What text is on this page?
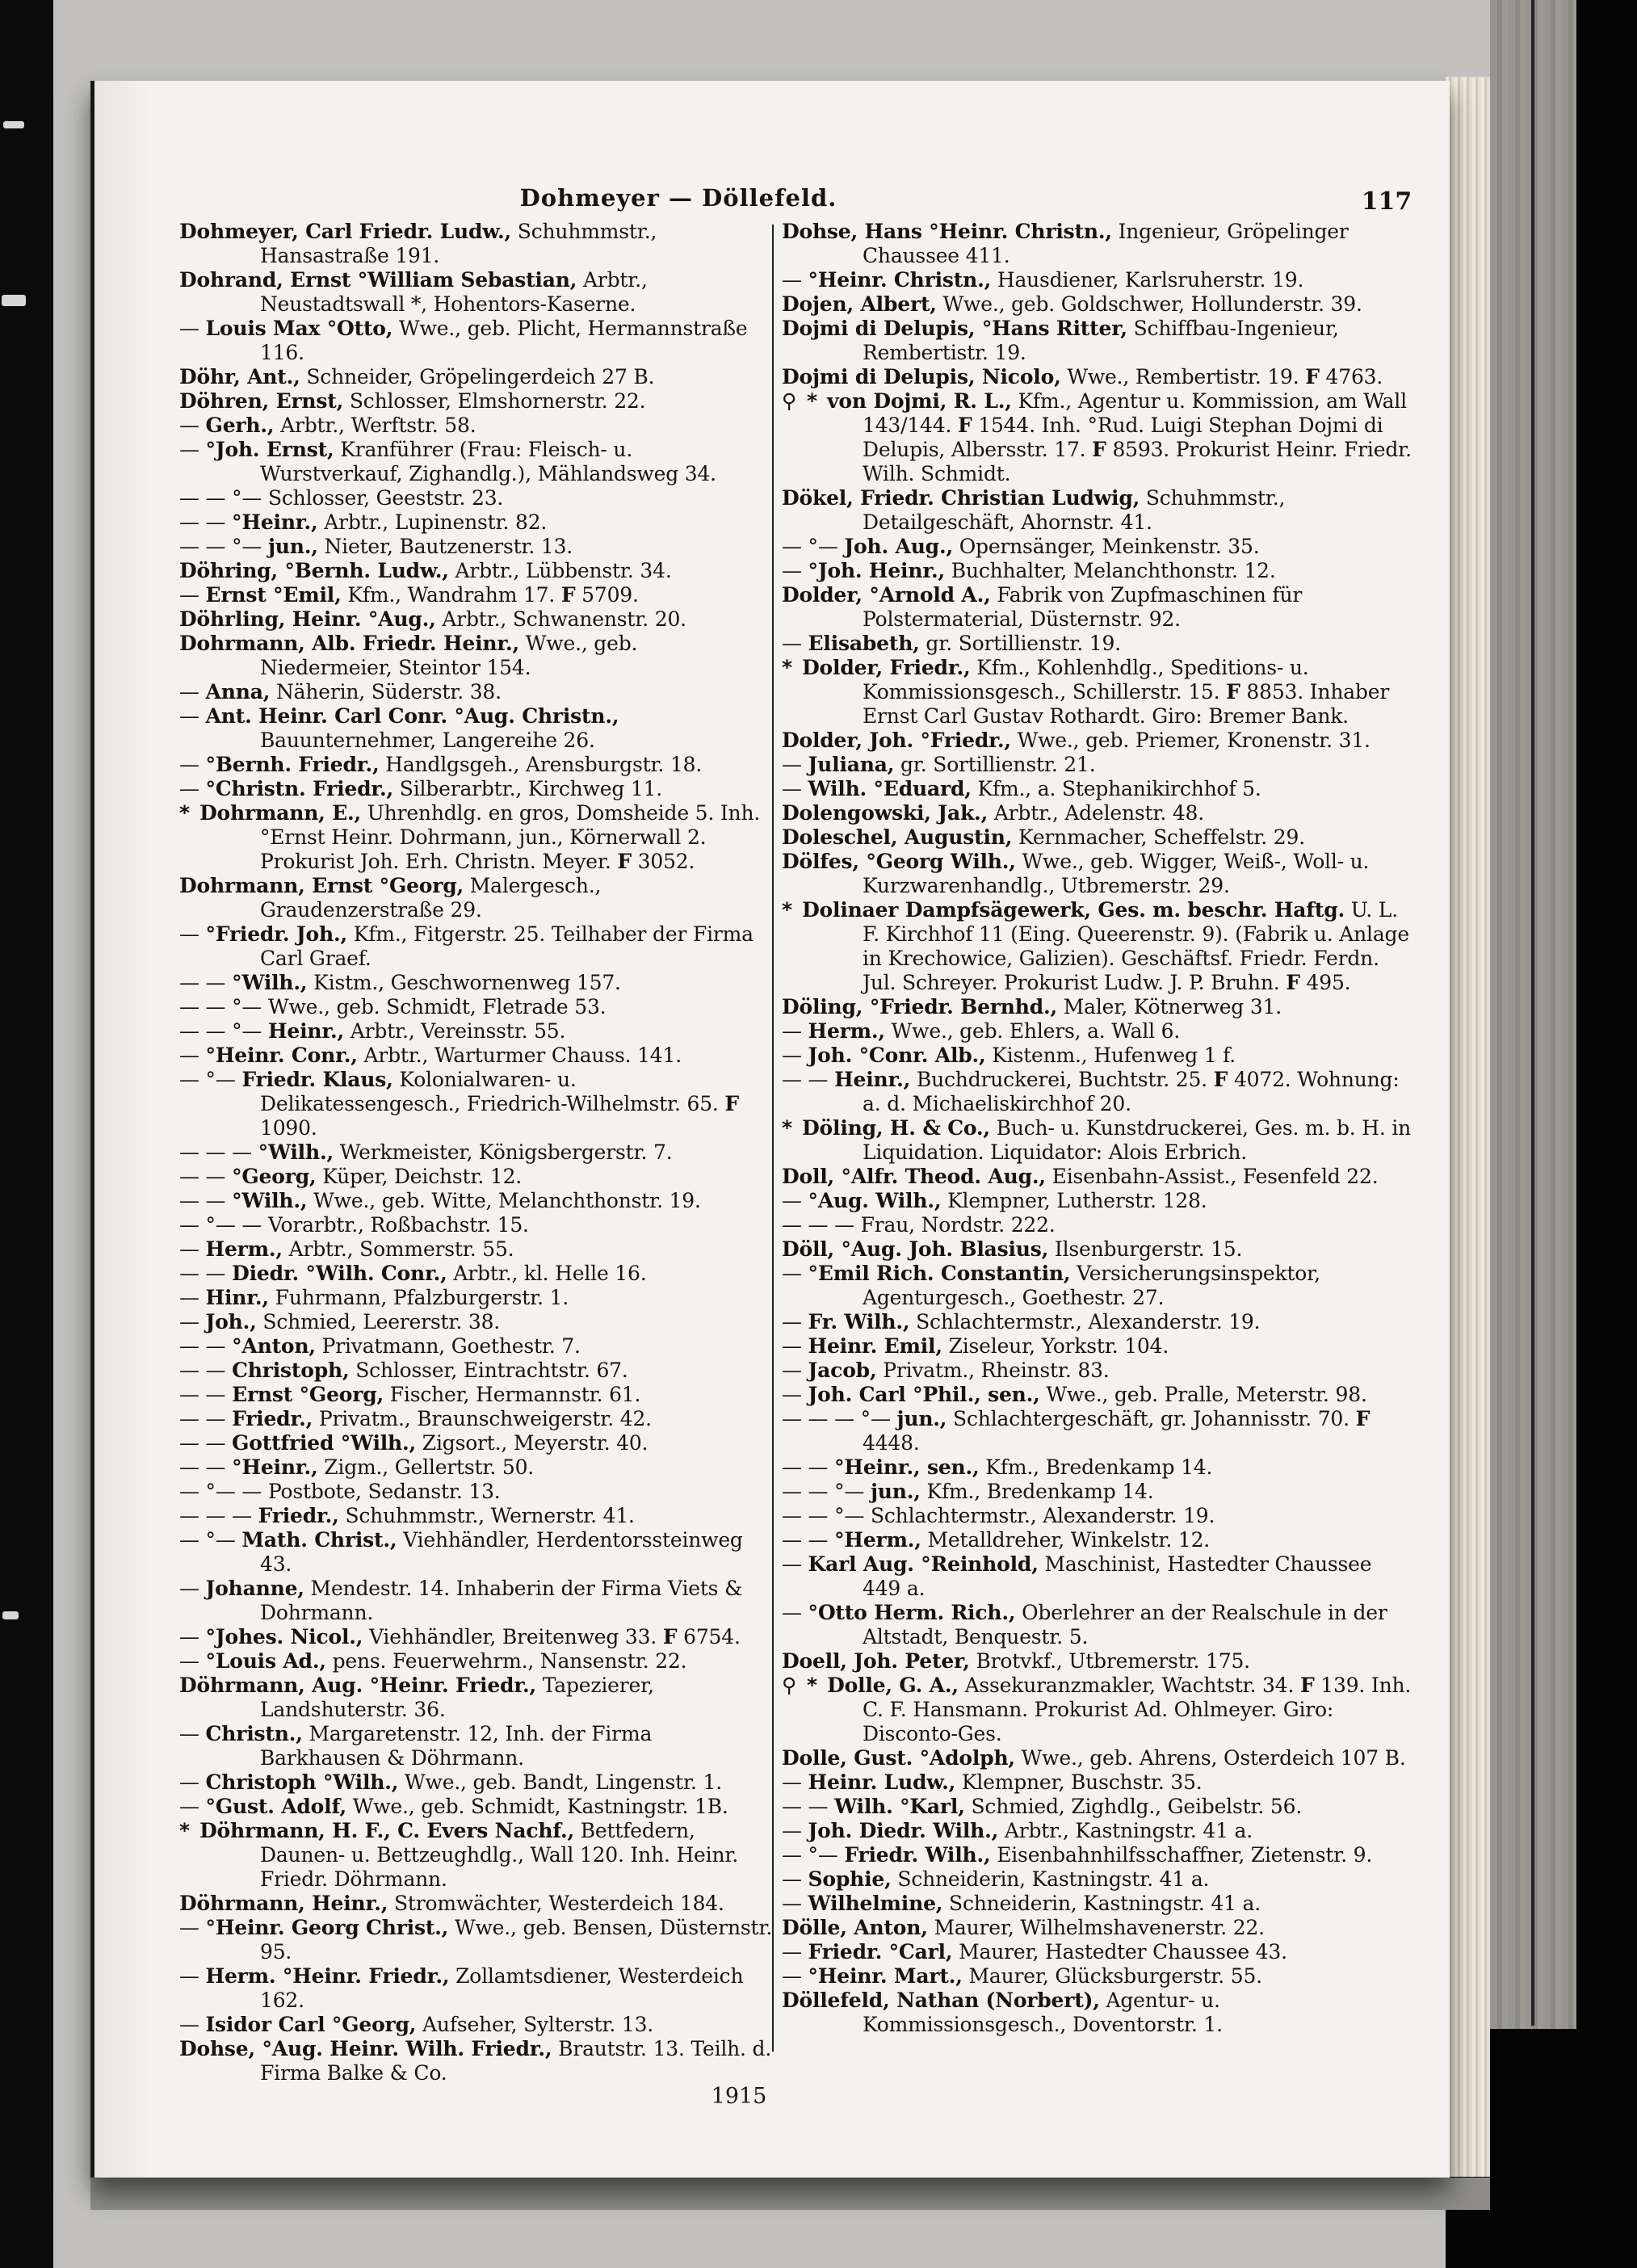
Dohmeyer — Döllefeld.	117

Dohmeyer, Carl Friedr. Ludw., Schuhmmstr., Hansastraße 191.

Dohrand, Ernst °William Sebastian, Arbtr., Neustadtswall *, Hohentors-Kaserne.

— Louis Max °Otto, Wwe., geb. Plicht, Hermannstraße 116.

Döhr, Ant., Schneider, Gröpelingerdeich 27 B.

Döhren, Ernst, Schlosser, Elmshornerstr. 22.

— Gerh., Arbtr., Werftstr. 58.

— °Joh. Ernst, Kranführer (Frau: Fleisch- u. Wurstverkauf, Zighandlg.), Mählandsweg 34.

— — °— Schlosser, Geeststr. 23.

— — °Heinr., Arbtr., Lupinenstr. 82.

— — °— jun., Nieter, Bautzenerstr. 13.

Döhring, °Bernh. Ludw., Arbtr., Lübbenstr. 34.

— Ernst °Emil, Kfm., Wandrahm 17. F 5709.

Döhrling, Heinr. °Aug., Arbtr., Schwanenstr. 20.

Dohrmann, Alb. Friedr. Heinr., Wwe., geb. Niedermeier, Steintor 154.

— Anna, Näherin, Süderstr. 38.

— Ant. Heinr. Carl Conr. °Aug. Christn., Bauunternehmer, Langereihe 26.

— °Bernh. Friedr., Handlgsgeh., Arensburgstr. 18.

— °Christn. Friedr., Silberarbtr., Kirchweg 11.

* Dohrmann, E., Uhrenhdlg. en gros, Domsheide 5. Inh. °Ernst Heinr. Dohrmann, jun., Körnerwall 2. Prokurist Joh. Erh. Christn. Meyer. F 3052.

Dohrmann, Ernst °Georg, Malergesch., Graudenzerstraße 29.

— °Friedr. Joh., Kfm., Fitgerstr. 25. Teilhaber der Firma Carl Graef.

— — °Wilh., Kistm., Geschwornenweg 157.

— — °— Wwe., geb. Schmidt, Fletrade 53.

— — °— Heinr., Arbtr., Vereinsstr. 55.

— °Heinr. Conr., Arbtr., Warturmer Chauss. 141.

— °— Friedr. Klaus, Kolonialwaren- u. Delikatessengesch., Friedrich-Wilhelmstr. 65. F 1090.

— — — °Wilh., Werkmeister, Königsbergerstr. 7.

— — °Georg, Küper, Deichstr. 12.

— — °Wilh., Wwe., geb. Witte, Melanchthonstr. 19.

— °— — Vorarbtr., Roßbachstr. 15.

— Herm., Arbtr., Sommerstr. 55.

— — Diedr. °Wilh. Conr., Arbtr., kl. Helle 16.

— Hinr., Fuhrmann, Pfalzburgerstr. 1.

— Joh., Schmied, Leererstr. 38.

— — °Anton, Privatmann, Goethestr. 7.

— — Christoph, Schlosser, Eintrachtstr. 67.

— — Ernst °Georg, Fischer, Hermannstr. 61.

— — Friedr., Privatm., Braunschweigerstr. 42.

— — Gottfried °Wilh., Zigsort., Meyerstr. 40.

— — °Heinr., Zigm., Gellertstr. 50.

— °— — Postbote, Sedanstr. 13.

— — — Friedr., Schuhmmstr., Wernerstr. 41.

— °— Math. Christ., Viehhändler, Herdentorssteinweg 43.

— Johanne, Mendestr. 14. Inhaberin der Firma Viets & Dohrmann.

— °Johes. Nicol., Viehhändler, Breitenweg 33. F 6754.

— °Louis Ad., pens. Feuerwehrm., Nansenstr. 22.

Döhrmann, Aug. °Heinr. Friedr., Tapezierer, Landshuterstr. 36.

— Christn., Margaretenstr. 12, Inh. der Firma Barkhausen & Döhrmann.

— Christoph °Wilh., Wwe., geb. Bandt, Lingenstr. 1.

— °Gust. Adolf, Wwe., geb. Schmidt, Kastningstr. 1B.

* Döhrmann, H. F., C. Evers Nachf., Bettfedern, Daunen- u. Bettzeughdlg., Wall 120. Inh. Heinr. Friedr. Döhrmann.

Döhrmann, Heinr., Stromwächter, Westerdeich 184.

— °Heinr. Georg Christ., Wwe., geb. Bensen, Düsternstr. 95.

— Herm. °Heinr. Friedr., Zollamtsdiener, Westerdeich 162.

— Isidor Carl °Georg, Aufseher, Sylterstr. 13.

Dohse, °Aug. Heinr. Wilh. Friedr., Brautstr. 13. Teilh. d. Firma Balke & Co.

Dohse, Hans °Heinr. Christn., Ingenieur, Gröpelinger Chaussee 411.

— °Heinr. Christn., Hausdiener, Karlsruherstr. 19.

Dojen, Albert, Wwe., geb. Goldschwer, Hollunderstr. 39.

Dojmi di Delupis, °Hans Ritter, Schiffbau-Ingenieur, Rembertistr. 19.

Dojmi di Delupis, Nicolo, Wwe., Rembertistr. 19. F 4763.

⚲ * von Dojmi, R. L., Kfm., Agentur u. Kommission, am Wall 143/144. F 1544. Inh. °Rud. Luigi Stephan Dojmi di Delupis, Albersstr. 17. F 8593. Prokurist Heinr. Friedr. Wilh. Schmidt.

Dökel, Friedr. Christian Ludwig, Schuhmmstr., Detailgeschäft, Ahornstr. 41.

— °— Joh. Aug., Opernsänger, Meinkenstr. 35.

— °Joh. Heinr., Buchhalter, Melanchthonstr. 12.

Dolder, °Arnold A., Fabrik von Zupfmaschinen für Polstermaterial, Düsternstr. 92.

— Elisabeth, gr. Sortillienstr. 19.

* Dolder, Friedr., Kfm., Kohlenhdlg., Speditions- u. Kommissionsgesch., Schillerstr. 15. F 8853. Inhaber Ernst Carl Gustav Rothardt. Giro: Bremer Bank.

Dolder, Joh. °Friedr., Wwe., geb. Priemer, Kronenstr. 31.

— Juliana, gr. Sortillienstr. 21.

— Wilh. °Eduard, Kfm., a. Stephanikirchhof 5.

Dolengowski, Jak., Arbtr., Adelenstr. 48.

Doleschel, Augustin, Kernmacher, Scheffelstr. 29.

Dölfes, °Georg Wilh., Wwe., geb. Wigger, Weiß-, Woll- u. Kurzwarenhandlg., Utbremerstr. 29.

* Dolinaer Dampfsägewerk, Ges. m. beschr. Haftg. U. L. F. Kirchhof 11 (Eing. Queerenstr. 9). (Fabrik u. Anlage in Krechowice, Galizien). Geschäftsf. Friedr. Ferdn. Jul. Schreyer. Prokurist Ludw. J. P. Bruhn. F 495.

Döling, °Friedr. Bernhd., Maler, Kötnerweg 31.

— Herm., Wwe., geb. Ehlers, a. Wall 6.

— Joh. °Conr. Alb., Kistenm., Hufenweg 1 f.

— — Heinr., Buchdruckerei, Buchtstr. 25. F 4072. Wohnung: a. d. Michaeliskirchhof 20.

* Döling, H. & Co., Buch- u. Kunstdruckerei, Ges. m. b. H. in Liquidation. Liquidator: Alois Erbrich.

Doll, °Alfr. Theod. Aug., Eisenbahn-Assist., Fesenfeld 22.

— °Aug. Wilh., Klempner, Lutherstr. 128.

— — — Frau, Nordstr. 222.

Döll, °Aug. Joh. Blasius, Ilsenburgerstr. 15.

— °Emil Rich. Constantin, Versicherungsinspektor, Agenturgesch., Goethestr. 27.

— Fr. Wilh., Schlachtermstr., Alexanderstr. 19.

— Heinr. Emil, Ziseleur, Yorkstr. 104.

— Jacob, Privatm., Rheinstr. 83.

— Joh. Carl °Phil., sen., Wwe., geb. Pralle, Meterstr. 98.

— — — °— jun., Schlachtergeschäft, gr. Johannisstr. 70. F 4448.

— — °Heinr., sen., Kfm., Bredenkamp 14.

— — °— jun., Kfm., Bredenkamp 14.

— — °— Schlachtermstr., Alexanderstr. 19.

— — °Herm., Metalldreher, Winkelstr. 12.

— Karl Aug. °Reinhold, Maschinist, Hastedter Chaussee 449 a.

— °Otto Herm. Rich., Oberlehrer an der Realschule in der Altstadt, Benquestr. 5.

Doell, Joh. Peter, Brotvkf., Utbremerstr. 175.

⚲ * Dolle, G. A., Assekuranzmakler, Wachtstr. 34. F 139. Inh. C. F. Hansmann. Prokurist Ad. Ohlmeyer. Giro: Disconto-Ges.

Dolle, Gust. °Adolph, Wwe., geb. Ahrens, Osterdeich 107 B.

— Heinr. Ludw., Klempner, Buschstr. 35.

— — Wilh. °Karl, Schmied, Zighdlg., Geibelstr. 56.

— Joh. Diedr. Wilh., Arbtr., Kastningstr. 41 a.

— °— Friedr. Wilh., Eisenbahnhilfsschaffner, Zietenstr. 9.

— Sophie, Schneiderin, Kastningstr. 41 a.

— Wilhelmine, Schneiderin, Kastningstr. 41 a.

Dölle, Anton, Maurer, Wilhelmshavenerstr. 22.

— Friedr. °Carl, Maurer, Hastedter Chaussee 43.

— °Heinr. Mart., Maurer, Glücksburgerstr. 55.

Döllefeld, Nathan (Norbert), Agentur- u. Kommissionsgesch., Doventorstr. 1.

1915
